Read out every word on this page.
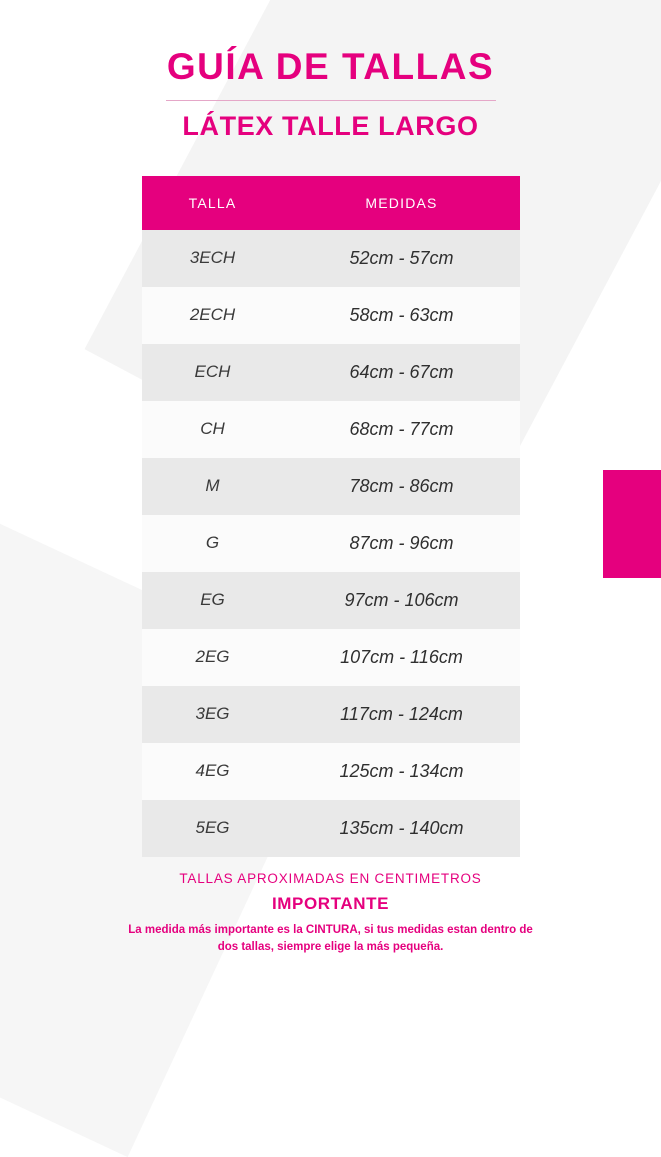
GUÍA DE TALLAS
LÁTEX TALLE LARGO
TALLA	MEDIDAS
3ECH	52cm - 57cm
2ECH	58cm - 63cm
ECH	64cm - 67cm
CH	68cm - 77cm
M	78cm - 86cm
G	87cm - 96cm
EG	97cm - 106cm
2EG	107cm - 116cm
3EG	117cm - 124cm
4EG	125cm - 134cm
5EG	135cm - 140cm

TALLAS APROXIMADAS EN CENTIMETROS

IMPORTANTE

La medida más importante es la CINTURA, si tus medidas estan dentro de dos tallas, siempre elige la más pequeña.
